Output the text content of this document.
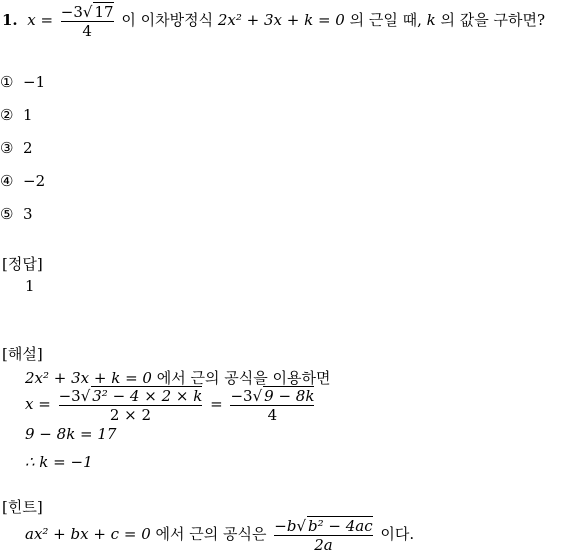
1. $x = \frac{-3√ 17}{4}$ 이 이차방정식 2x² + 3x + k = 0 의 근일 때, k 의 값을 구하면?
① −1
② 1
③ 2
④ −2
⑤ 3
[정답]
1
[해설]
2x² + 3x + k = 0 에서 근의 공식을 이용하면
$x = \frac{\text{−3√ 3² − 4 × 2 × k}}{2 \times 2} = \frac{-3√ 9 - 8k}{4}$
9 − 8k = 17
∴ k = −1
[힌트]
ax² + bx + c = 0 에서 근의 공식은 $\frac{\text{−b√ b² − 4ac}}{2a}$ 이다.
